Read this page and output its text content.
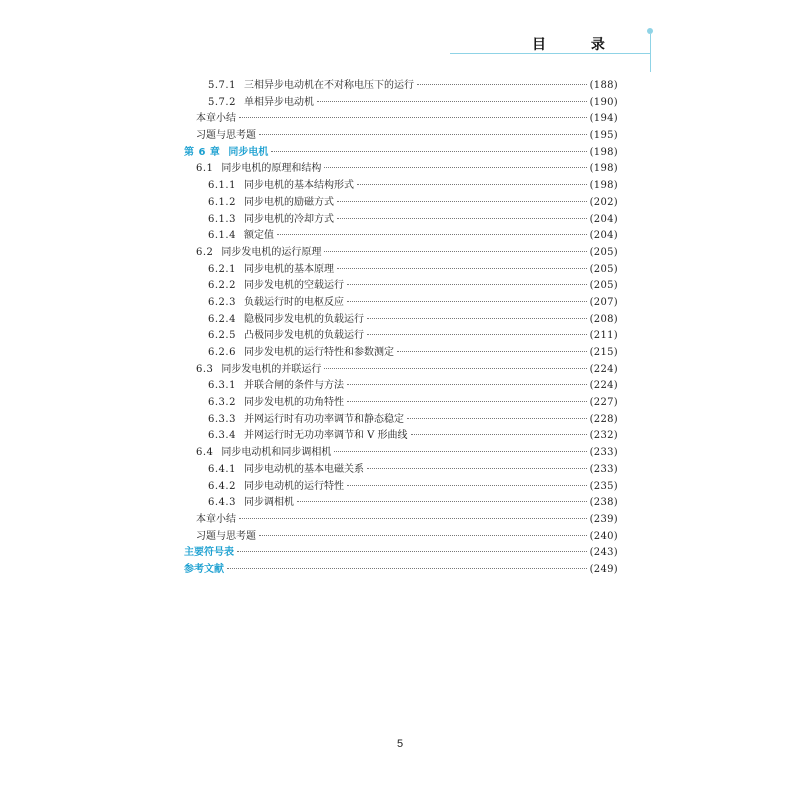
目 录
5.7.1 三相异步电动机在不对称电压下的运行	(188)
5.7.2 单相异步电动机	(190)
本章小结	(194)
习题与思考题	(195)
第 6 章 同步电机	(198)
6.1 同步电机的原理和结构	(198)
6.1.1 同步电机的基本结构形式	(198)
6.1.2 同步电机的励磁方式	(202)
6.1.3 同步电机的冷却方式	(204)
6.1.4 额定值	(204)
6.2 同步发电机的运行原理	(205)
6.2.1 同步电机的基本原理	(205)
6.2.2 同步发电机的空载运行	(205)
6.2.3 负载运行时的电枢反应	(207)
6.2.4 隐极同步发电机的负载运行	(208)
6.2.5 凸极同步发电机的负载运行	(211)
6.2.6 同步发电机的运行特性和参数测定	(215)
6.3 同步发电机的并联运行	(224)
6.3.1 并联合闸的条件与方法	(224)
6.3.2 同步发电机的功角特性	(227)
6.3.3 并网运行时有功功率调节和静态稳定	(228)
6.3.4 并网运行时无功功率调节和 V 形曲线	(232)
6.4 同步电动机和同步调相机	(233)
6.4.1 同步电动机的基本电磁关系	(233)
6.4.2 同步电动机的运行特性	(235)
6.4.3 同步调相机	(238)
本章小结	(239)
习题与思考题	(240)
主要符号表	(243)
参考文献	(249)
5
